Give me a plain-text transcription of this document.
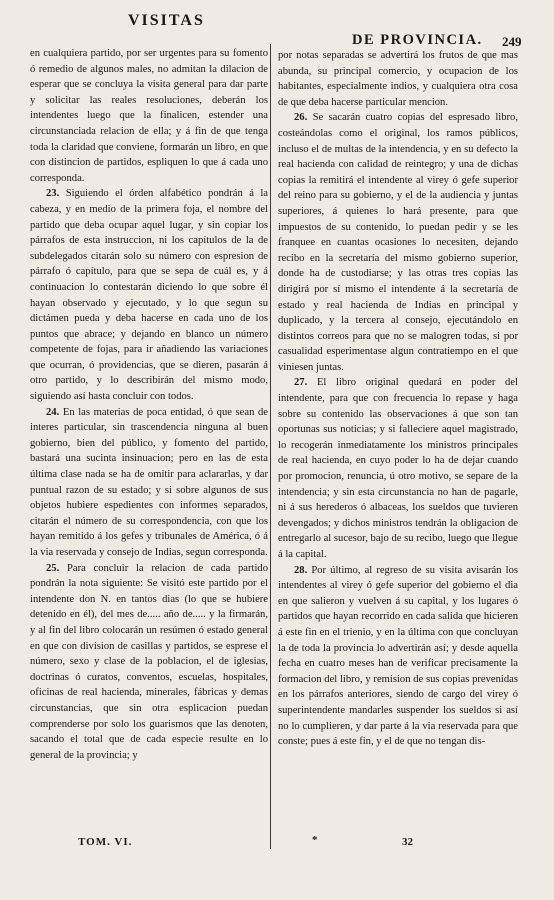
VISITAS
DE PROVINCIA. 249

en cualquiera partido, por ser urgentes para su fomento ó remedio de algunos males, no admitan la dilacion de esperar que se concluya la visita general para dar parte y solicitar las reales resoluciones, deberán los intendentes luego que la finalicen, estender una circunstanciada relacion de ella; y á fin de que tenga toda la claridad que conviene, formarán un libro, en que con distincion de partidos, espliquen lo que á cada uno corresponda.

23. Siguiendo el órden alfabético pondrán á la cabeza, y en medio de la primera foja, el nombre del partido que deba ocupar aquel lugar, y sin copiar los párrafos de esta instruccion, ni los capítulos de la de subdelegados citarán solo su número con espresion de párrafo ó capítulo, para que se sepa de cuál es, y á continuacion lo contestarán diciendo lo que sobre él hayan observado y ejecutado, y lo que segun su dictámen pueda y deba hacerse en cada uno de los puntos que abrace; y dejando en blanco un número competente de fojas, para ir añadiendo las variaciones que ocurran, ó providencias, que se dieren, pasarán á otro partido, y lo describirán del mismo modo, siguiendo así hasta concluir con todos.

24. En las materias de poca entidad, ó que sean de interes particular, sin trascendencia ninguna al buen gobierno, bien del público, y fomento del partido, bastará una sucinta insinuacion; pero en las de esta última clase nada se ha de omitir para aclararlas, y dar puntual razon de su estado; y si sobre algunos de sus objetos hubiere espedientes con informes separados, citarán el número de su correspondencia, con que los hayan remitido á los gefes y tribunales de América, ó á la via reservada y consejo de Indias, segun corresponda.

25. Para concluir la relacion de cada partido pondrán la nota siguiente: Se visitó este partido por el intendente don N. en tantos dias (lo que se hubiere detenido en él), del mes de..... año de..... y la firmarán, y al fin del libro colocarán un resúmen ó estado general en que con division de casillas y partidos, se esprese el número, sexo y clase de la poblacion, el de iglesias, doctrinas ó curatos, conventos, escuelas, hospitales, oficinas de real hacienda, minerales, fábricas y demas circunstancias, que sin otra esplicacion puedan comprenderse por solo los guarismos que las denoten, sacando el total que de cada especie resulte en lo general de la provincia; y

por notas separadas se advertirá los frutos de que mas abunda, su principal comercio, y ocupacion de los habitantes, especialmente indios, y cualquiera otra cosa de que deba hacerse particular mencion.

26. Se sacarán cuatro copias del espresado libro, costeándolas como el original, los ramos públicos, incluso el de multas de la intendencia, y en su defecto la real hacienda con calidad de reintegro; y una de dichas copias la remitirá el intendente al virey ó gefe superior del reino para su gobierno, y el de la audiencia y juntas superiores, á quienes lo hará presente, para que impuestos de su contenido, lo puedan pedir y se les franquee en cuantas ocasiones lo necesiten, dejando recibo en la secretaría del mismo gobierno superior, donde ha de custodiarse; y las otras tres copias las dirigirá por sí mismo el intendente á la secretaría de estado y real hacienda de Indias en principal y duplicado, y la tercera al consejo, ejecutándolo en distintos correos para que no se malogren todas, si por casualidad esperimentase algun contratiempo en el que viniesen juntas.

27. El libro original quedará en poder del intendente, para que con frecuencia lo repase y haga sobre su contenido las observaciones á que son tan oportunas sus noticias; y si falleciere aquel magistrado, lo recogerán inmediatamente los ministros principales de real hacienda, en cuyo poder lo ha de dejar cuando por promocion, renuncia, ú otro motivo, se separe de la intendencia; y sin esta circunstancia no han de pagarle, ni á sus herederos ó albaceas, los sueldos que tuvieren devengados; y dichos ministros tendrán la obligacion de entregarlo al sucesor, bajo de su recibo, luego que llegue á la capital.

28. Por último, al regreso de su visita avisarán los intendentes al virey ó gefe superior del gobierno el dia en que salieron y vuelven á su capital, y los lugares ó partidos que hayan recorrido en cada salida que hicieren á este fin en el trienio, y en la última con que concluyan la de toda la provincia lo advertirán así; y desde aquella fecha en cuatro meses han de verificar precisamente la formacion del libro, y remision de sus copias prevenidas en los párrafos anteriores, siendo de cargo del virey ó superintendente mandarles suspender los sueldos si así no lo cumplieren, y dar parte á la via reservada para que conste; pues á este fin, y el de que no tengan dis-

TOM. VI.	*	32
